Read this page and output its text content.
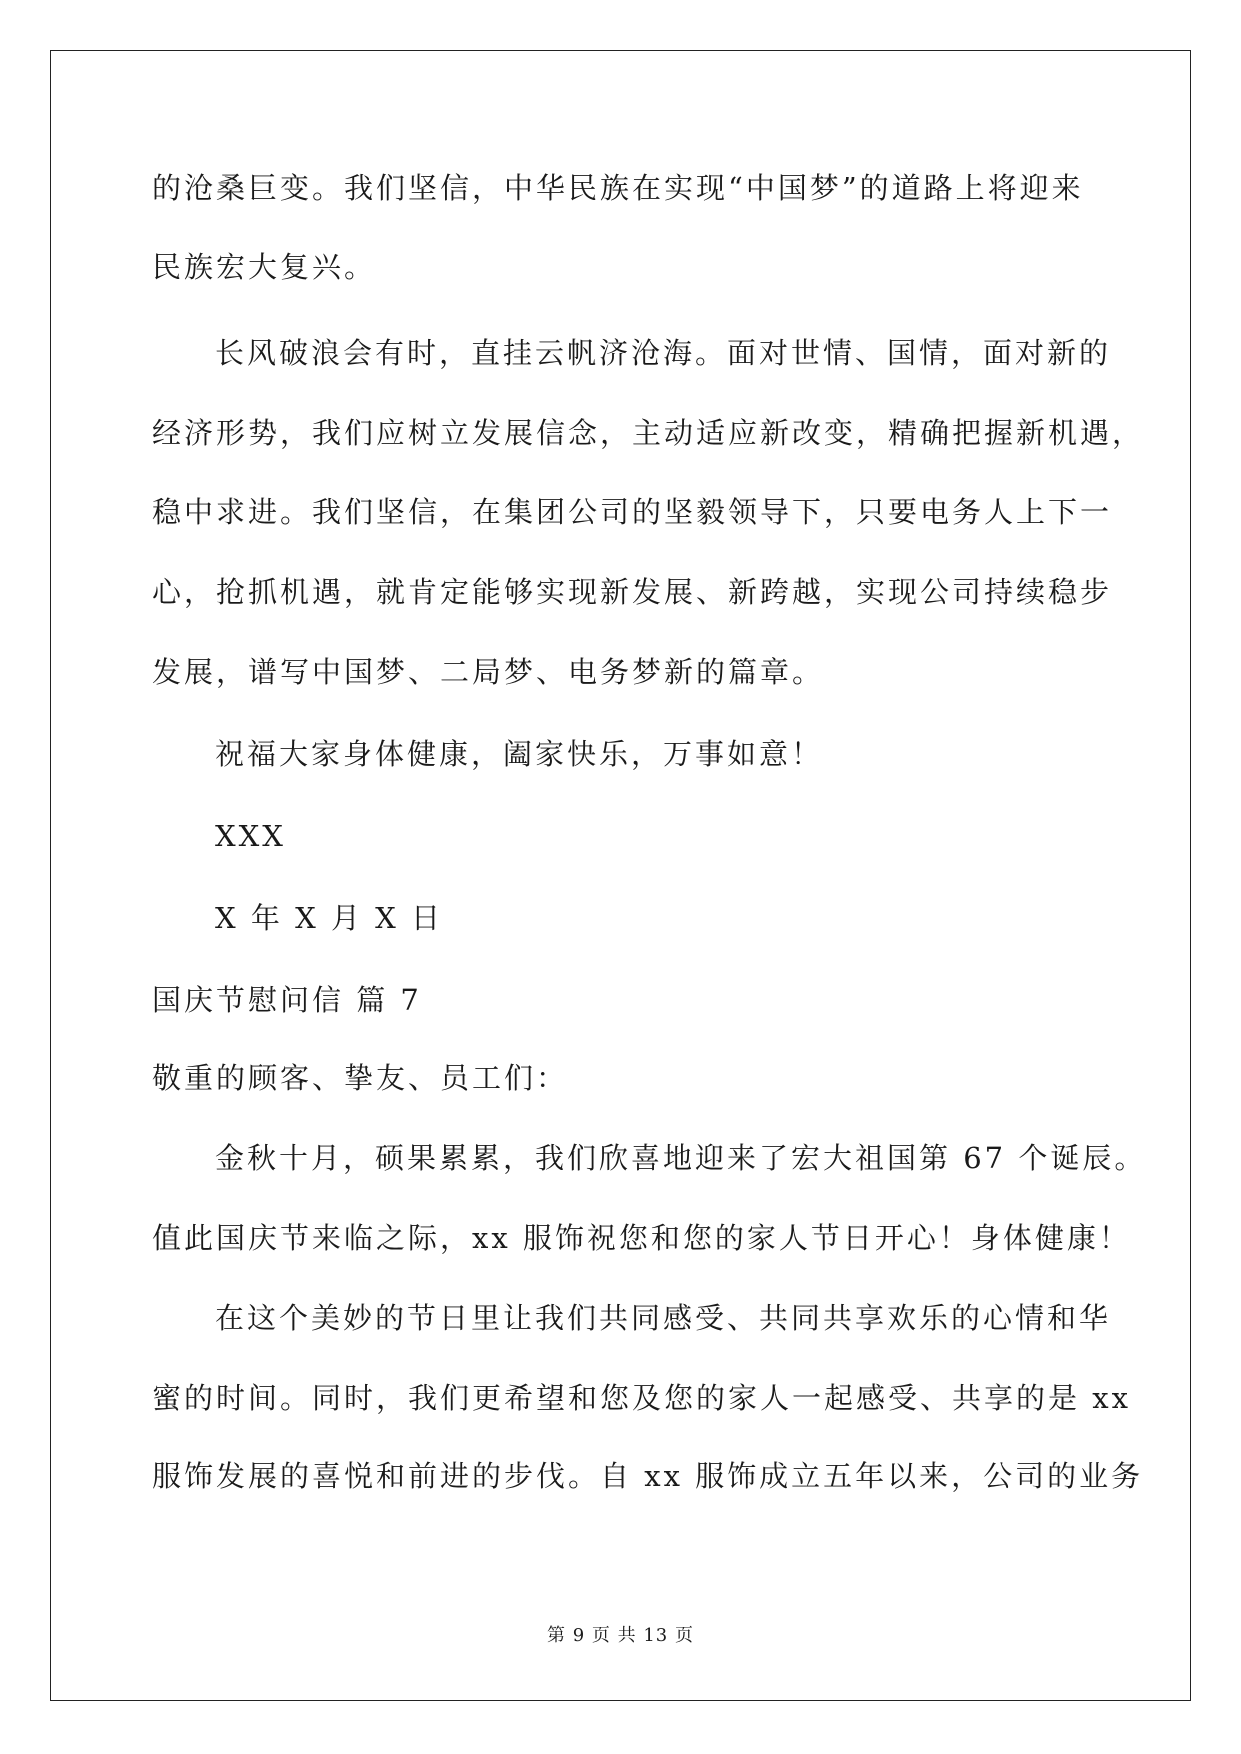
的沧桑巨变。我们坚信，中华民族在实现“中国梦”的道路上将迎来
民族宏大复兴。
长风破浪会有时，直挂云帆济沧海。面对世情、国情，面对新的
经济形势，我们应树立发展信念，主动适应新改变，精确把握新机遇，
稳中求进。我们坚信，在集团公司的坚毅领导下，只要电务人上下一
心，抢抓机遇，就肯定能够实现新发展、新跨越，实现公司持续稳步
发展，谱写中国梦、二局梦、电务梦新的篇章。
祝福大家身体健康，阖家快乐，万事如意！
XXX
X 年 X 月 X 日
国庆节慰问信 篇 7
敬重的顾客、挚友、员工们：
金秋十月，硕果累累，我们欣喜地迎来了宏大祖国第 67 个诞辰。
值此国庆节来临之际，xx 服饰祝您和您的家人节日开心！身体健康！
在这个美妙的节日里让我们共同感受、共同共享欢乐的心情和华
蜜的时间。同时，我们更希望和您及您的家人一起感受、共享的是 xx
服饰发展的喜悦和前进的步伐。自 xx 服饰成立五年以来，公司的业务
第 9 页 共 13 页
